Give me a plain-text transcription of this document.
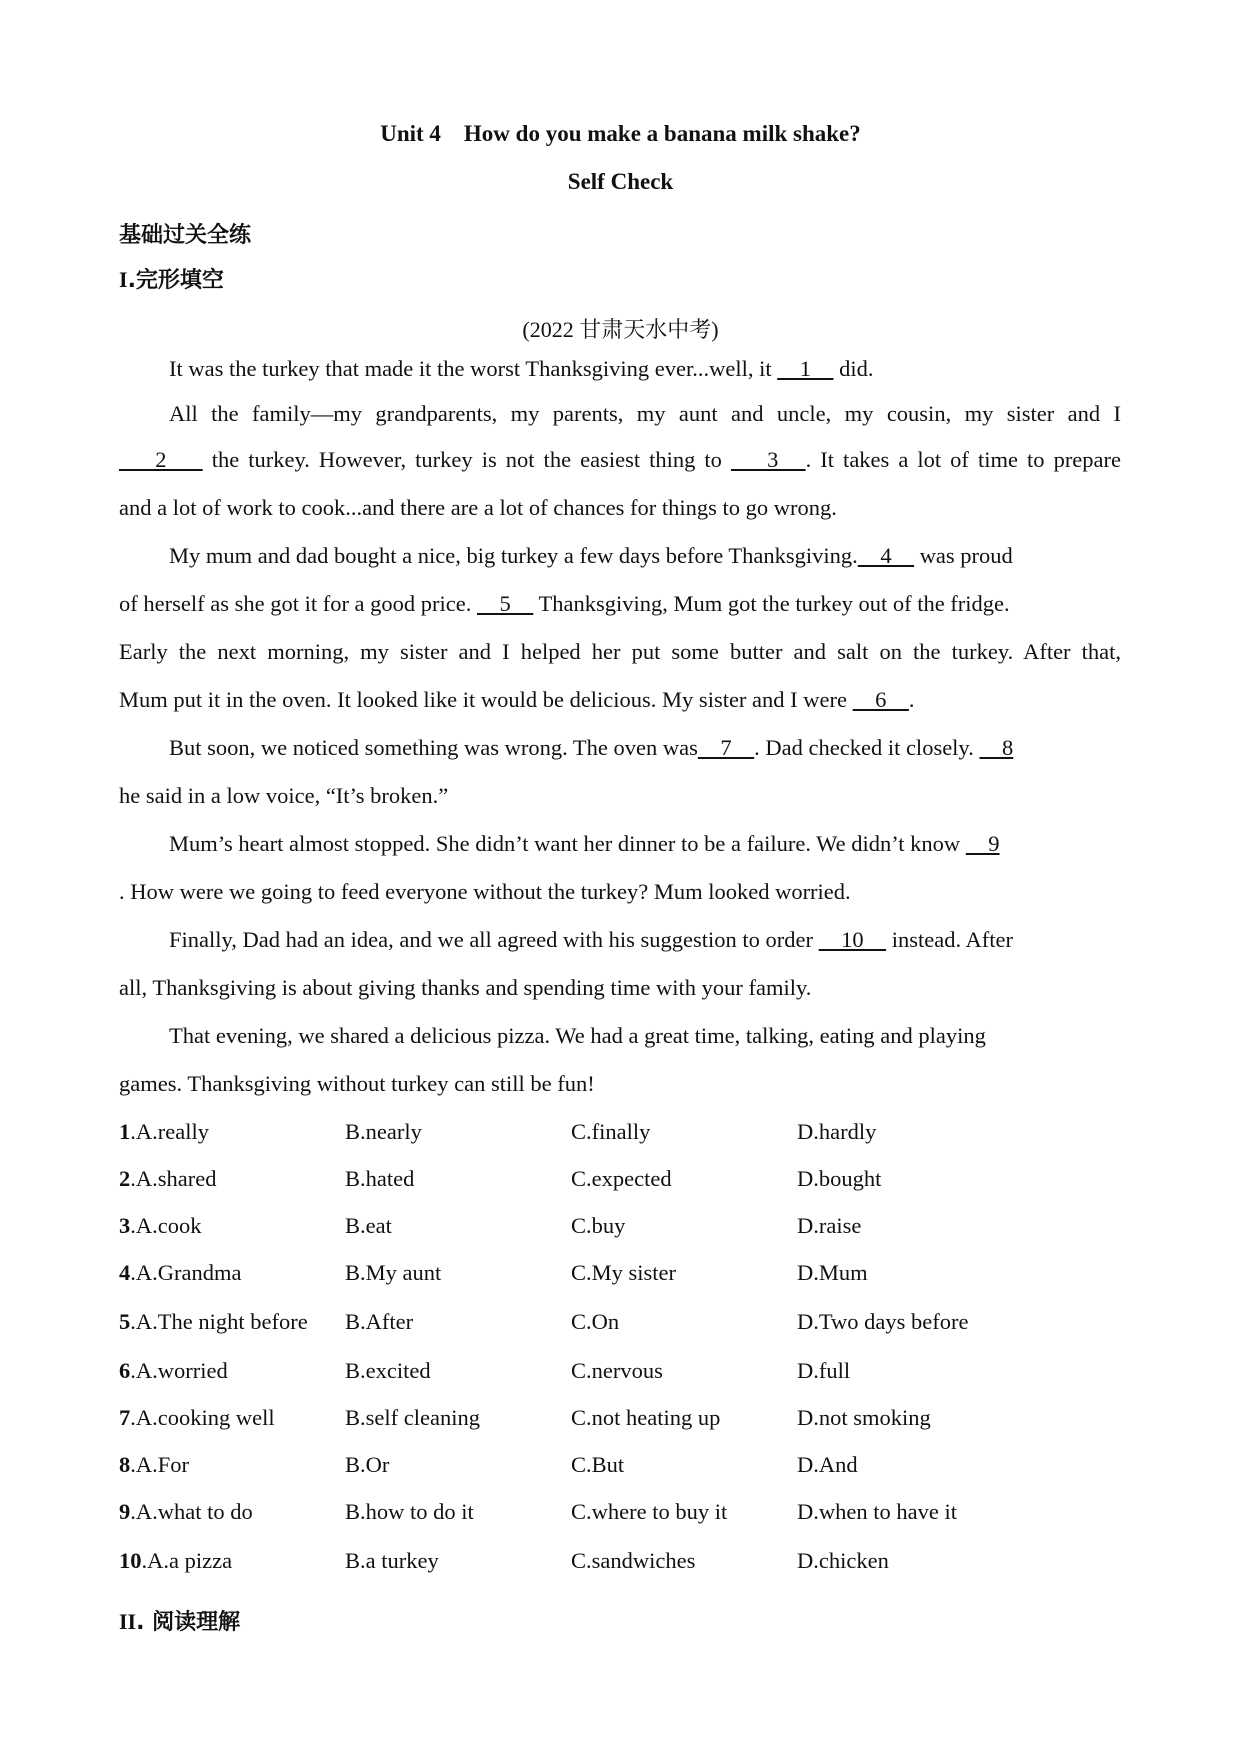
Unit 4    How do you make a banana milk shake?
Self Check
基础过关全练
I.完形填空
(2022 甘肃天水中考)
It was the turkey that made it the worst Thanksgiving ever...well, it     1     did.
All the family—my grandparents, my parents, my aunt and uncle, my cousin, my sister and I
2     the turkey. However, turkey is not the easiest thing to     3   . It takes a lot of time to prepare
and a lot of work to cook...and there are a lot of chances for things to go wrong.
My mum and dad bought a nice, big turkey a few days before Thanksgiving.    4     was proud
of herself as she got it for a good price.     5     Thanksgiving, Mum got the turkey out of the fridge.
Early the next morning, my sister and I helped her put some butter and salt on the turkey. After that,
Mum put it in the oven. It looked like it would be delicious. My sister and I were     6    .
But soon, we noticed something was wrong. The oven was    7    . Dad checked it closely.     8
he said in a low voice, “It’s broken.”
Mum’s heart almost stopped. She didn’t want her dinner to be a failure. We didn’t know     9
. How were we going to feed everyone without the turkey? Mum looked worried.
Finally, Dad had an idea, and we all agreed with his suggestion to order     10     instead. After
all, Thanksgiving is about giving thanks and spending time with your family.
That evening, we shared a delicious pizza. We had a great time, talking, eating and playing
games. Thanksgiving without turkey can still be fun!
1.A.really	B.nearly	C.finally	D.hardly
2.A.shared	B.hated	C.expected	D.bought
3.A.cook	B.eat	C.buy	D.raise
4.A.Grandma	B.My aunt	C.My sister	D.Mum
5.A.The night before B.After	C.On	D.Two days before
6.A.worried	B.excited	C.nervous	D.full
7.A.cooking well	B.self cleaning	C.not heating up	D.not smoking
8.A.For	B.Or	C.But	D.And
9.A.what to do	B.how to do it	C.where to buy it	D.when to have it
10.A.a pizza	B.a turkey	C.sandwiches	D.chicken
II. 阅读理解
